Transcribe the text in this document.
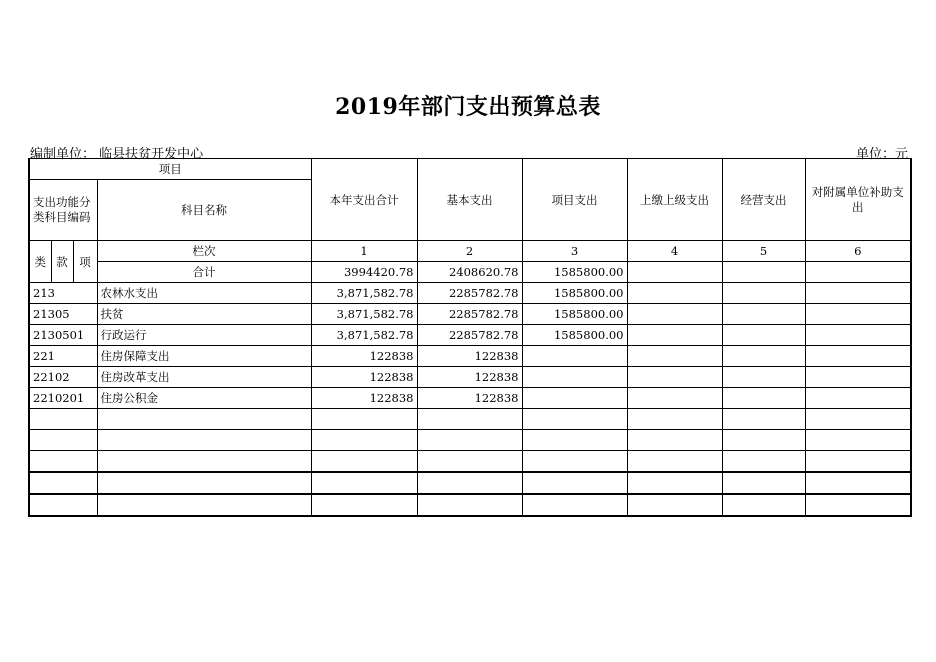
2019年部门支出预算总表
编制单位： 临县扶贫开发中心	单位：元
项目				本年支出合计	基本支出	项目支出	上缴上级支出	经营支出	对附属单位补助支出
支出功能分类科目编码			科目名称						
类	款	项	栏次	1	2	3	4	5	6
			合计	3994420.78	2408620.78	1585800.00			
213			农林水支出	3,871,582.78	2285782.78	1585800.00			
21305			扶贫	3,871,582.78	2285782.78	1585800.00			
2130501			行政运行	3,871,582.78	2285782.78	1585800.00			
221			住房保障支出	122838	122838				
22102			住房改革支出	122838	122838				
2210201			住房公积金	122838	122838				
